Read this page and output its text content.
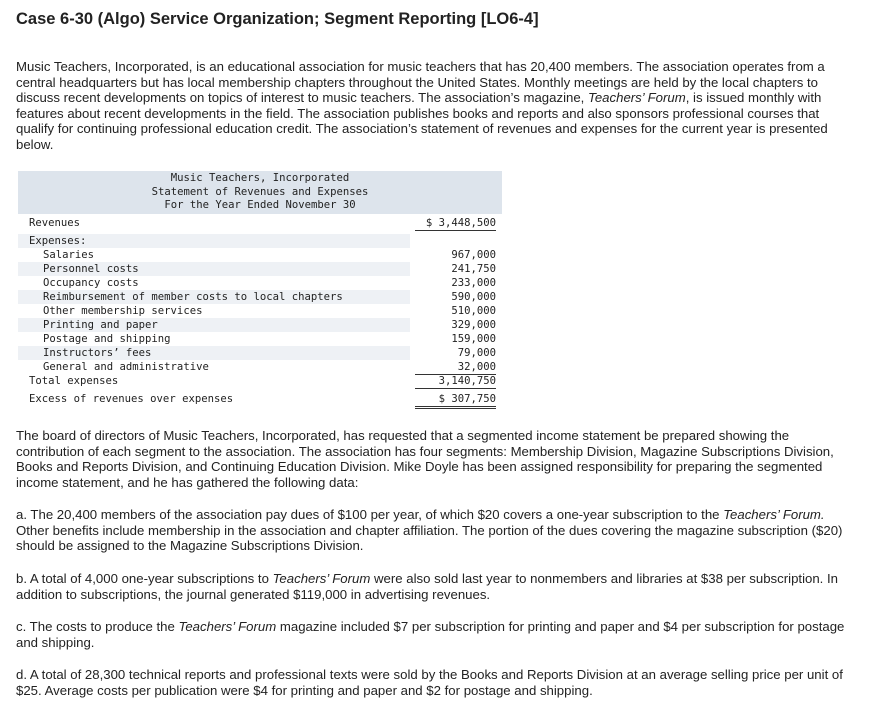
Case 6-30 (Algo) Service Organization; Segment Reporting [LO6-4]

Music Teachers, Incorporated, is an educational association for music teachers that has 20,400 members. The association operates from a central headquarters but has local membership chapters throughout the United States. Monthly meetings are held by the local chapters to discuss recent developments on topics of interest to music teachers. The association’s magazine, Teachers’ Forum, is issued monthly with features about recent developments in the field. The association publishes books and reports and also sponsors professional courses that qualify for continuing professional education credit. The association’s statement of revenues and expenses for the current year is presented below.

Music Teachers, Incorporated
Statement of Revenues and Expenses
For the Year Ended November 30
Revenues	$ 3,448,500
Expenses:
Salaries	967,000
Personnel costs	241,750
Occupancy costs	233,000
Reimbursement of member costs to local chapters	590,000
Other membership services	510,000
Printing and paper	329,000
Postage and shipping	159,000
Instructors’ fees	79,000
General and administrative	32,000
Total expenses	3,140,750
Excess of revenues over expenses	$ 307,750

The board of directors of Music Teachers, Incorporated, has requested that a segmented income statement be prepared showing the contribution of each segment to the association. The association has four segments: Membership Division, Magazine Subscriptions Division, Books and Reports Division, and Continuing Education Division. Mike Doyle has been assigned responsibility for preparing the segmented income statement, and he has gathered the following data:

a. The 20,400 members of the association pay dues of $100 per year, of which $20 covers a one-year subscription to the Teachers’ Forum. Other benefits include membership in the association and chapter affiliation. The portion of the dues covering the magazine subscription ($20) should be assigned to the Magazine Subscriptions Division.

b. A total of 4,000 one-year subscriptions to Teachers’ Forum were also sold last year to nonmembers and libraries at $38 per subscription. In addition to subscriptions, the journal generated $119,000 in advertising revenues.

c. The costs to produce the Teachers’ Forum magazine included $7 per subscription for printing and paper and $4 per subscription for postage and shipping.

d. A total of 28,300 technical reports and professional texts were sold by the Books and Reports Division at an average selling price per unit of $25. Average costs per publication were $4 for printing and paper and $2 for postage and shipping.
